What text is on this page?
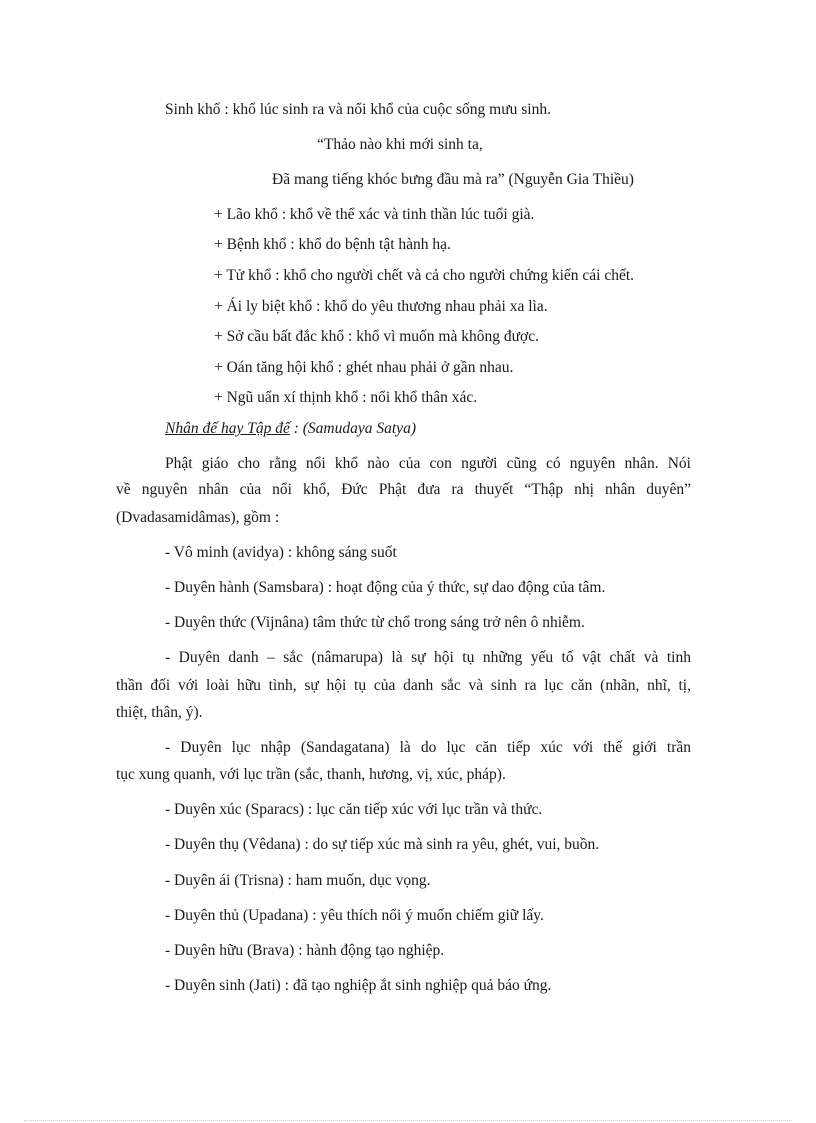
Sinh khổ : khổ lúc sinh ra và nổi khổ của cuộc sống mưu sinh.
“Thảo nào khi mới sinh ta,
Đã mang tiếng khóc bưng đầu mà ra” (Nguyễn Gia Thiều)
+ Lão khổ : khổ về thể xác và tinh thần lúc tuổi già.
+ Bệnh khổ : khổ do bệnh tật hành hạ.
+ Tử khổ : khổ cho người chết và cả cho người chứng kiến cái chết.
+ Ái ly biệt khổ : khổ do yêu thương nhau phải xa lìa.
+ Sở cầu bất đắc khổ : khổ vì muốn mà không được.
+ Oán tăng hội khổ : ghét nhau phải ở gần nhau.
+ Ngũ uẩn xí thịnh khổ : nổi khổ thân xác.
Nhân đế hay Tập đế : (Samudaya Satya)
Phật giáo cho rằng nổi khổ nào của con người cũng có nguyên nhân. Nói
về nguyên nhân của nổi khổ, Đức Phật đưa ra thuyết “Thập nhị nhân duyên”
(Dvadasamidâmas), gồm :
- Vô minh (avidya) : không sáng suốt
- Duyên hành (Samsbara) : hoạt động của ý thức, sự dao động của tâm.
- Duyên thức (Vijnâna) tâm thức từ chổ trong sáng trở nên ô nhiễm.
- Duyên danh – sắc (nâmarupa) là sự hội tụ những yếu tố vật chất và tinh
thần đối với loài hữu tình, sự hội tụ của danh sắc và sinh ra lục căn (nhãn, nhĩ, tị,
thiệt, thân, ý).
- Duyên lục nhập (Sandagatana) là do lục căn tiếp xúc với thế giới trần
tục xung quanh, với lục trần (sắc, thanh, hương, vị, xúc, pháp).
- Duyên xúc (Sparacs) : lục căn tiếp xúc với lục trần và thức.
- Duyên thụ (Vêdana) : do sự tiếp xúc mà sinh ra yêu, ghét, vui, buồn.
- Duyên ái (Trisna) : ham muốn, dục vọng.
- Duyên thủ (Upadana) : yêu thích nổi ý muốn chiếm giữ lấy.
- Duyên hữu (Brava) : hành động tạo nghiệp.
- Duyên sinh (Jati) : đã tạo nghiệp ắt sinh nghiệp quả báo ứng.
